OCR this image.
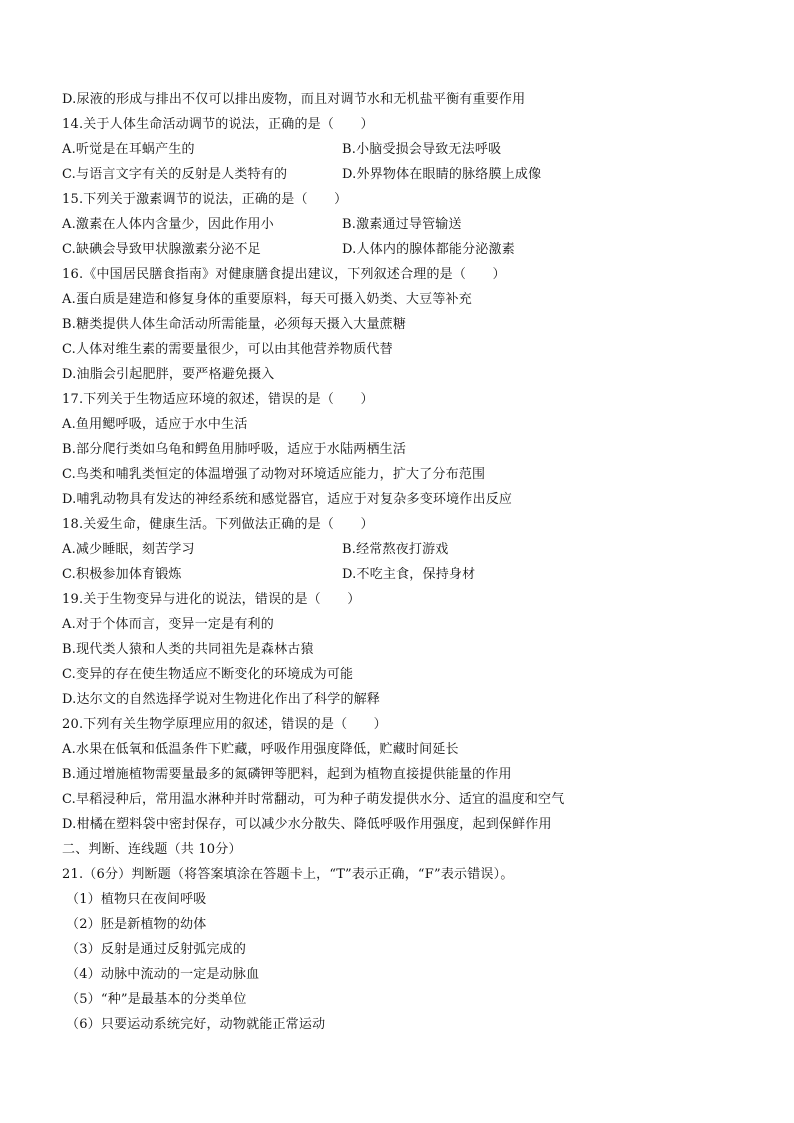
D.尿液的形成与排出不仅可以排出废物，而且对调节水和无机盐平衡有重要作用
14.关于人体生命活动调节的说法，正确的是（　　）
A.听觉是在耳蜗产生的	B.小脑受损会导致无法呼吸
C.与语言文字有关的反射是人类特有的	D.外界物体在眼睛的脉络膜上成像
15.下列关于激素调节的说法，正确的是（　　）
A.激素在人体内含量少，因此作用小	B.激素通过导管输送
C.缺碘会导致甲状腺激素分泌不足	D.人体内的腺体都能分泌激素
16.《中国居民膳食指南》对健康膳食提出建议，下列叙述合理的是（　　）
A.蛋白质是建造和修复身体的重要原料，每天可摄入奶类、大豆等补充
B.糖类提供人体生命活动所需能量，必须每天摄入大量蔗糖
C.人体对维生素的需要量很少，可以由其他营养物质代替
D.油脂会引起肥胖，要严格避免摄入
17.下列关于生物适应环境的叙述，错误的是（　　）
A.鱼用鳃呼吸，适应于水中生活
B.部分爬行类如乌龟和鳄鱼用肺呼吸，适应于水陆两栖生活
C.鸟类和哺乳类恒定的体温增强了动物对环境适应能力，扩大了分布范围
D.哺乳动物具有发达的神经系统和感觉器官，适应于对复杂多变环境作出反应
18.关爱生命，健康生活。下列做法正确的是（　　）
A.减少睡眠，刻苦学习	B.经常熬夜打游戏
C.积极参加体育锻炼	D.不吃主食，保持身材
19.关于生物变异与进化的说法，错误的是（　　）
A.对于个体而言，变异一定是有利的
B.现代类人猿和人类的共同祖先是森林古猿
C.变异的存在使生物适应不断变化的环境成为可能
D.达尔文的自然选择学说对生物进化作出了科学的解释
20.下列有关生物学原理应用的叙述，错误的是（　　）
A.水果在低氧和低温条件下贮藏，呼吸作用强度降低，贮藏时间延长
B.通过增施植物需要量最多的氮磷钾等肥料，起到为植物直接提供能量的作用
C.早稻浸种后，常用温水淋种并时常翻动，可为种子萌发提供水分、适宜的温度和空气
D.柑橘在塑料袋中密封保存，可以减少水分散失、降低呼吸作用强度，起到保鲜作用
二、判断、连线题（共 10分）
21.（6分）判断题（将答案填涂在答题卡上，“T”表示正确，“F”表示错误）。
（1）植物只在夜间呼吸
（2）胚是新植物的幼体
（3）反射是通过反射弧完成的
（4）动脉中流动的一定是动脉血
（5）“种”是最基本的分类单位
（6）只要运动系统完好，动物就能正常运动
